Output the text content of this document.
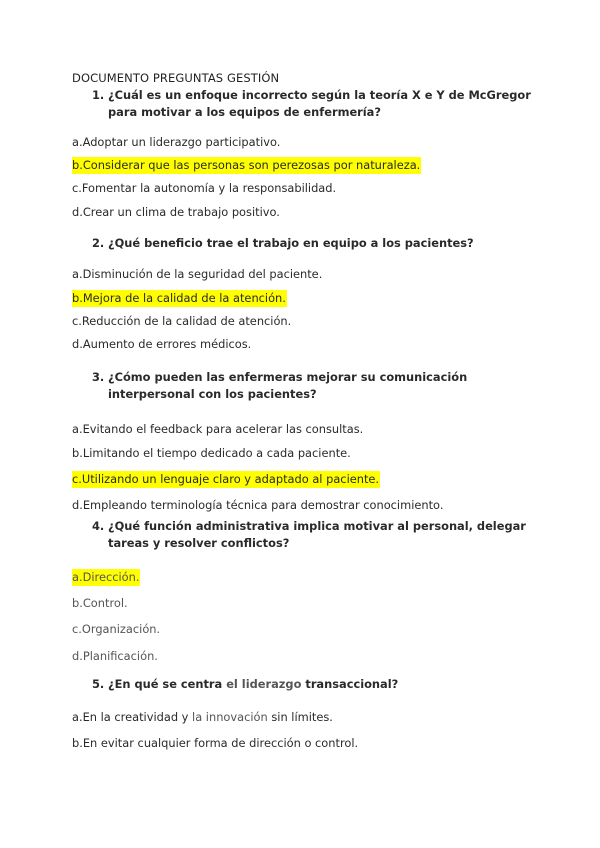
DOCUMENTO PREGUNTAS GESTIÓN
1. ¿Cuál es un enfoque incorrecto según la teoría X e Y de McGregor para motivar a los equipos de enfermería?
a.Adoptar un liderazgo participativo.
b.Considerar que las personas son perezosas por naturaleza.
c.Fomentar la autonomía y la responsabilidad.
d.Crear un clima de trabajo positivo.
2. ¿Qué beneficio trae el trabajo en equipo a los pacientes?
a.Disminución de la seguridad del paciente.
b.Mejora de la calidad de la atención.
c.Reducción de la calidad de atención.
d.Aumento de errores médicos.
3. ¿Cómo pueden las enfermeras mejorar su comunicación interpersonal con los pacientes?
a.Evitando el feedback para acelerar las consultas.
b.Limitando el tiempo dedicado a cada paciente.
c.Utilizando un lenguaje claro y adaptado al paciente.
d.Empleando terminología técnica para demostrar conocimiento.
4. ¿Qué función administrativa implica motivar al personal, delegar tareas y resolver conflictos?
a.Dirección.
b.Control.
c.Organización.
d.Planificación.
5. ¿En qué se centra el liderazgo transaccional?
a.En la creatividad y la innovación sin límites.
b.En evitar cualquier forma de dirección o control.
